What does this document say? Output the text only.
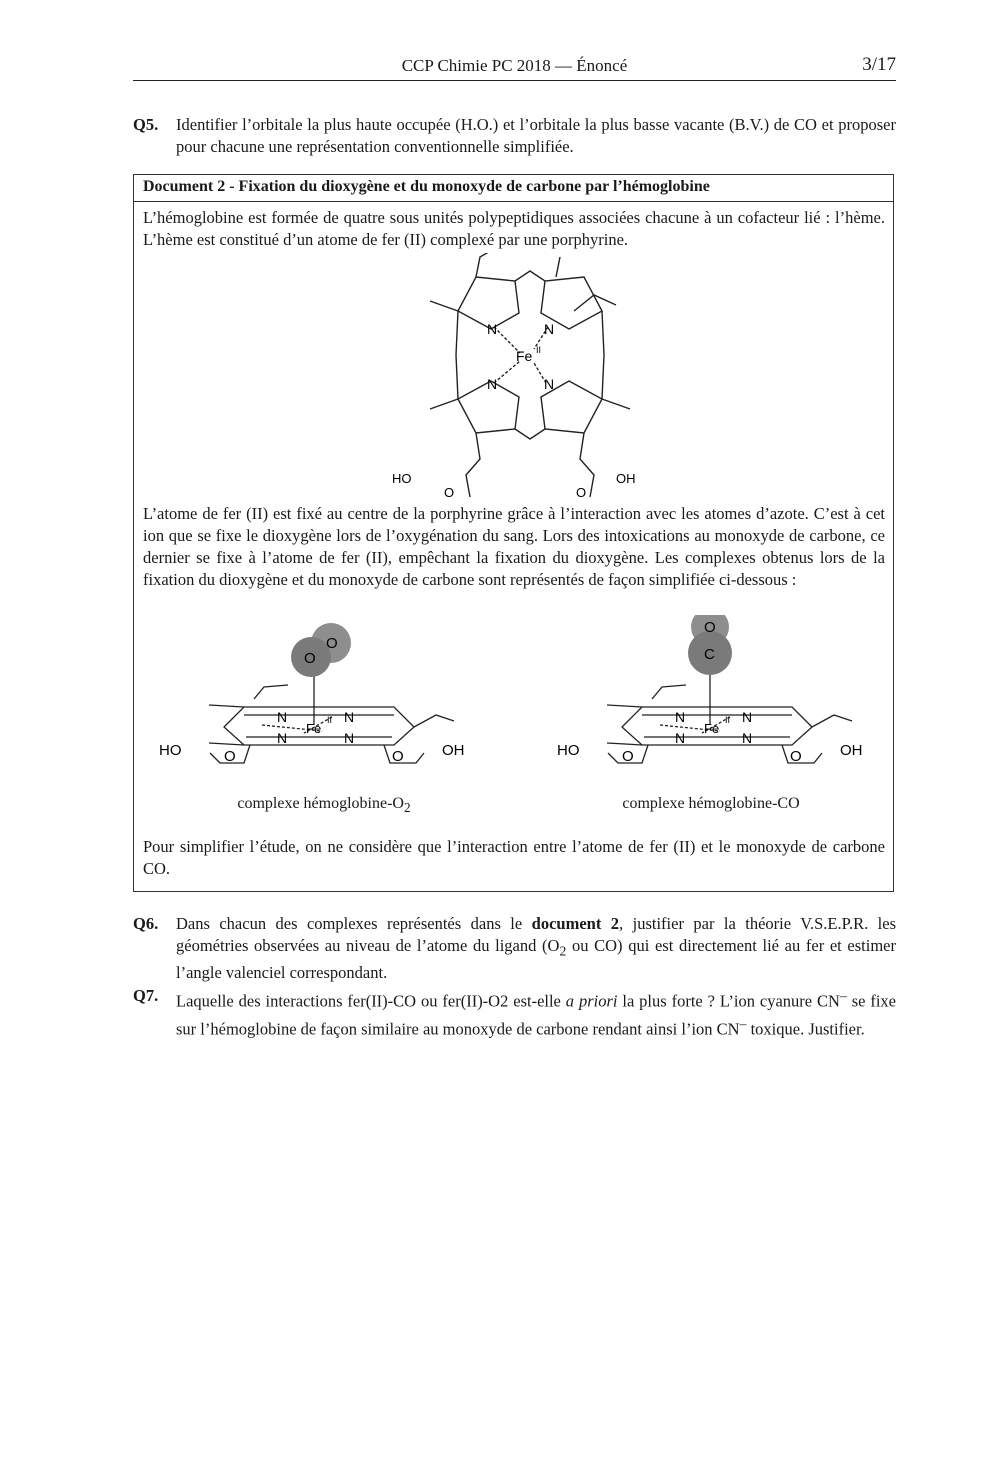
CCP Chimie PC 2018 — Énoncé	3/17
Q5. Identifier l’orbitale la plus haute occupée (H.O.) et l’orbitale la plus basse vacante (B.V.) de CO et proposer pour chacune une représentation conventionnelle simplifiée.
Document 2 - Fixation du dioxygène et du monoxyde de carbone par l’hémoglobine
L’hémoglobine est formée de quatre sous unités polypeptidiques associées chacune à un cofacteur lié : l’hème. L’hème est constitué d’un atome de fer (II) complexé par une porphyrine.
N	N
N	N
Fe II
HO
O	O
OH
L’atome de fer (II) est fixé au centre de la porphyrine grâce à l’interaction avec les atomes d’azote. C’est à cet ion que se fixe le dioxygène lors de l’oxygénation du sang. Lors des intoxications au monoxyde de carbone, ce dernier se fixe à l’atome de fer (II), empêchant la fixation du dioxygène. Les complexes obtenus lors de la fixation du dioxygène et du monoxyde de carbone sont représentés de façon simplifiée ci-dessous :
O
O
N	N
N	N
Fe
II
HO	O	O	OH
O
C
N	N
N	N
Fe
II
HO	O	O	OH
complexe hémoglobine-$O_2$	complexe hémoglobine-CO
Pour simplifier l’étude, on ne considère que l’interaction entre l’atome de fer (II) et le monoxyde de carbone CO.
Q6. Dans chacun des complexes représentés dans le document 2, justifier par la théorie V.S.E.P.R. les géométries observées au niveau de l’atome du ligand ($O_2$ ou CO) qui est directement lié au fer et estimer l’angle valenciel correspondant.
Q7. Laquelle des interactions fer(II)-CO ou fer(II)-O2 est-elle a priori la plus forte ? L’ion cyanure CN– se fixe sur l’hémoglobine de façon similaire au monoxyde de carbone rendant ainsi l’ion CN– toxique. Justifier.
